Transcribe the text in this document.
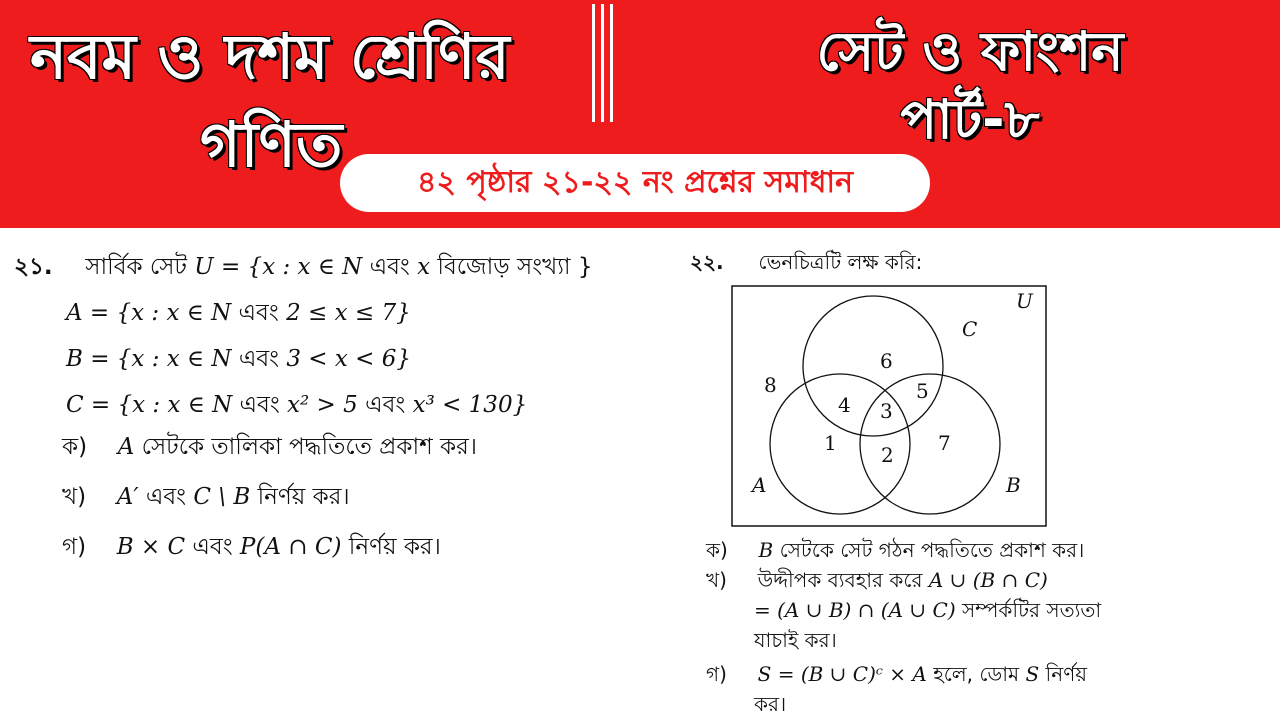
নবম ও দশম শ্রেণির
গণিত
সেট ও ফাংশন
পার্ট-৮
৪২ পৃষ্ঠার ২১-২২ নং প্রশ্নের সমাধান
২১. সার্বিক সেট U = {x : x ∈ N এবং x বিজোড় সংখ্যা }
A = {x : x ∈ N এবং 2 ≤ x ≤ 7}
B = {x : x ∈ N এবং 3 < x < 6}
C = {x : x ∈ N এবং x² > 5 এবং x³ < 130}
ক) A সেটকে তালিকা পদ্ধতিতে প্রকাশ কর।
খ) A′ এবং C \ B নির্ণয় কর।
গ) B × C এবং P(A ∩ C) নির্ণয় কর।
২২. ভেনচিত্রটি লক্ষ করি:
U
A	B
C
8
6
4 3
5
1 2 7
ক) B সেটকে সেট গঠন পদ্ধতিতে প্রকাশ কর।
খ) উদ্দীপক ব্যবহার করে A ∪ (B ∩ C)
= (A ∪ B) ∩ (A ∪ C) সম্পর্কটির সত্যতা
যাচাই কর।
গ) S = (B ∪ C)ᶜ × A হলে, ডোম S নির্ণয়
কর।
